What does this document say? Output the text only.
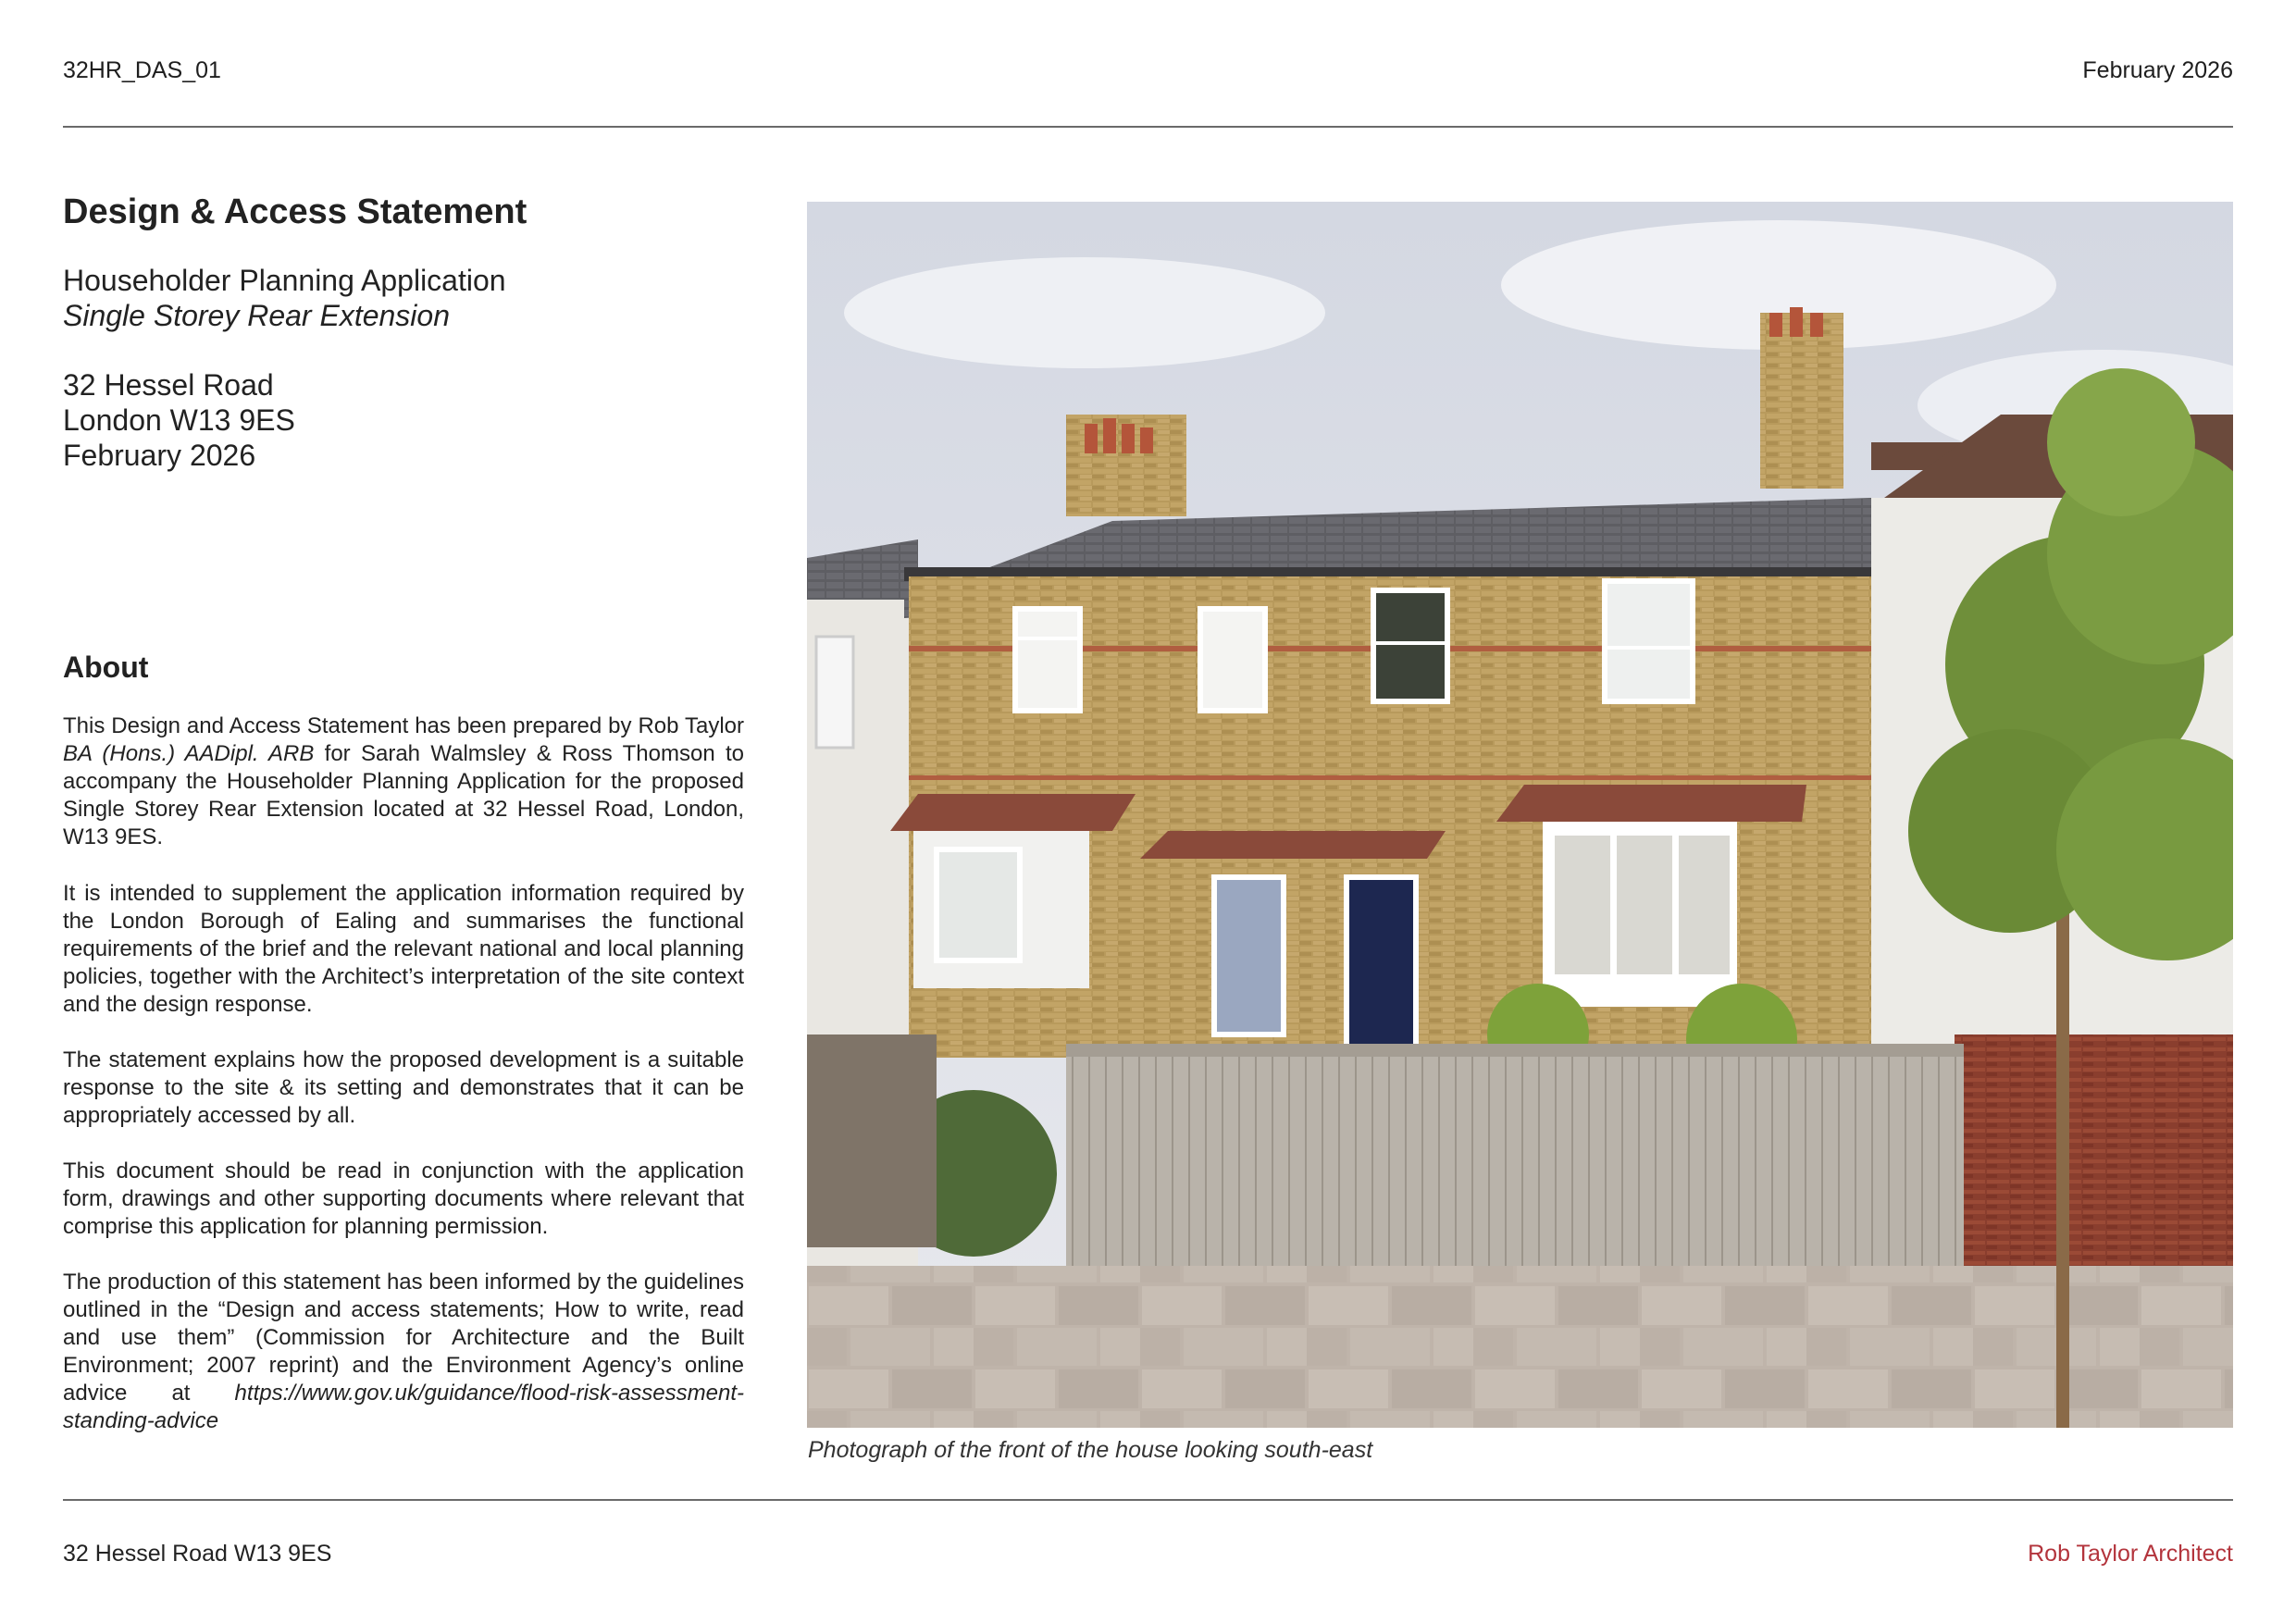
32HR_DAS_01	February 2026
Design & Access Statement
Householder Planning Application
Single Storey Rear Extension
32 Hessel Road
London W13 9ES
February 2026
About
This Design and Access Statement has been prepared by Rob Taylor BA (Hons.) AADipl. ARB for Sarah Walmsley & Ross Thomson to accompany the Householder Planning Application for the proposed Single Storey Rear Extension located at 32 Hessel Road, London, W13 9ES.
It is intended to supplement the application information required by the London Borough of Ealing and summarises the functional requirements of the brief and the relevant national and local planning policies, together with the Architect’s interpretation of the site context and the design response.
The statement explains how the proposed development is a suitable response to the site & its setting and demonstrates that it can be appropriately accessed by all.
This document should be read in conjunction with the application form, drawings and other supporting documents where relevant that comprise this application for planning permission.
The production of this statement has been informed by the guidelines outlined in the “Design and access statements; How to write, read and use them” (Commission for Architecture and the Built Environment; 2007 reprint) and the Environment Agency’s online advice at https://www.gov.uk/guidance/flood-risk-assessment-standing-advice
Photograph of the front of the house looking south-east
32 Hessel Road W13 9ES	Rob Taylor Architect
